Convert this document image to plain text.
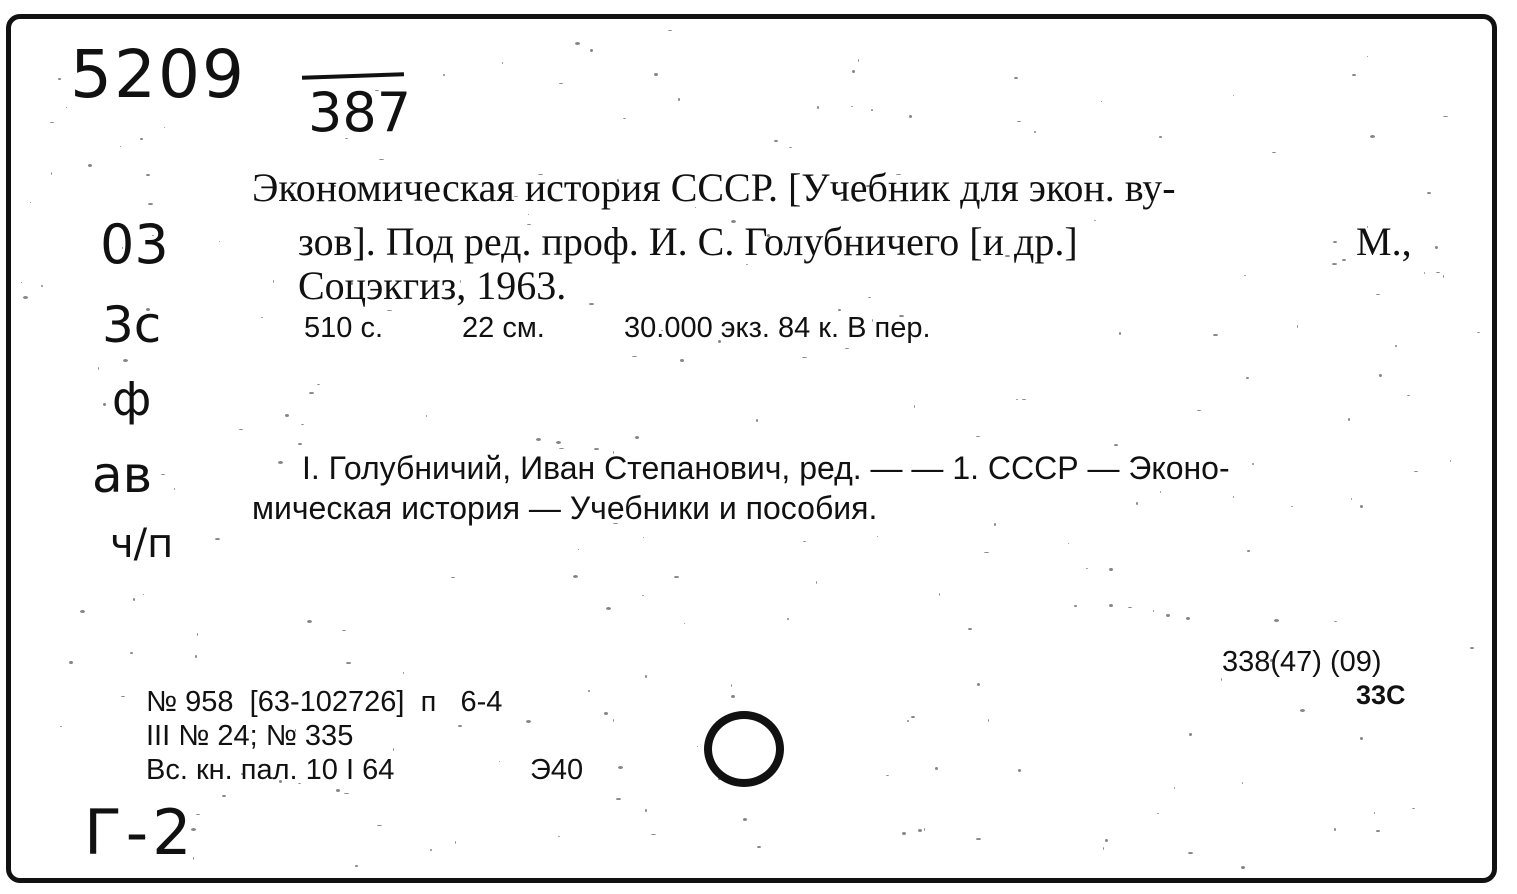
5209 387
03
3c
ф
ав
ч/п
Экономическая история СССР. [Учебник для экон. ву-
зов]. Под ред. проф. И. С. Голубничего [и др.]	М.,
Соцэкгиз, 1963.
510 с.	22 см.	30.000 экз. 84 к. В пер.
I. Голубничий, Иван Степанович, ред. — — 1. СССР — Эконо-
мическая история — Учебники и пособия.
338(47) (09)
33С
№ 958  [63-102726]  п   6-4
III № 24; № 335
Вс. кн. пал. 10 I 64	Э40
Г-2
